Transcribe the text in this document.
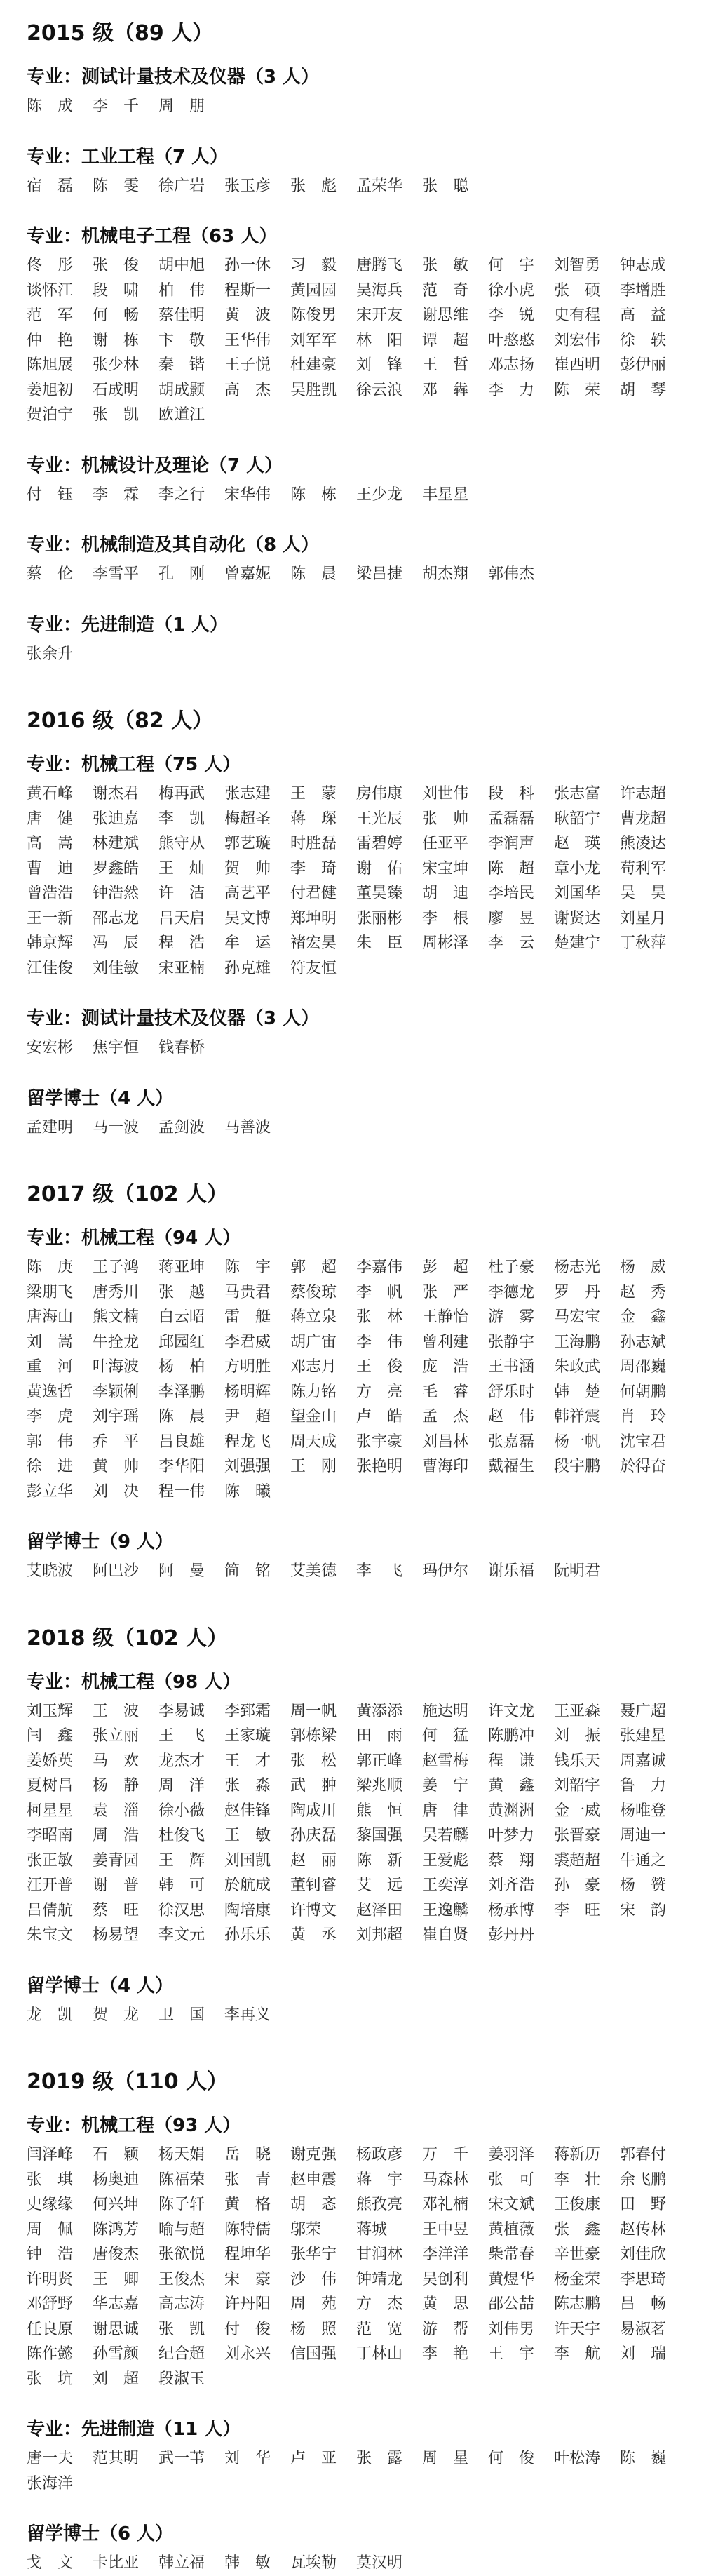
2015 级（89 人）
专业：测试计量技术及仪器（3 人）
陈　成	李　千	周　朋
专业：工业工程（7 人）
宿　磊	陈　雯	徐广岩	张玉彦	张　彪	孟荣华	张　聪
专业：机械电子工程（63 人）
佟　彤	张　俊	胡中旭	孙一休	习　毅	唐腾飞	张　敏	何　宇	刘智勇	钟志成
谈怀江	段　啸	柏　伟	程斯一	黄园园	吴海兵	范　奇	徐小虎	张　硕	李增胜
范　军	何　畅	蔡佳明	黄　波	陈俊男	宋开友	谢思维	李　锐	史有程	高　益
仲　艳	谢　栋	卞　敬	王华伟	刘军军	林　阳	谭　超	叶憨憨	刘宏伟	徐　轶
陈旭展	张少林	秦　锴	王子悦	杜建豪	刘　锋	王　哲	邓志扬	崔西明	彭伊丽
姜旭初	石成明	胡成颢	高　杰	吴胜凯	徐云浪	邓　犇	李　力	陈　荣	胡　琴
贺泊宁	张　凯	欧道江
专业：机械设计及理论（7 人）
付　钰	李　霖	李之行	宋华伟	陈　栋	王少龙	丰星星
专业：机械制造及其自动化（8 人）
蔡　伦	李雪平	孔　刚	曾嘉妮	陈　晨	梁吕捷	胡杰翔	郭伟杰
专业：先进制造（1 人）
张余升
2016 级（82 人）
专业：机械工程（75 人）
黄石峰	谢杰君	梅再武	张志建	王　蒙	房伟康	刘世伟	段　科	张志富	许志超
唐　健	张迪嘉	李　凯	梅超圣	蒋　琛	王光辰	张　帅	孟磊磊	耿韶宁	曹龙超
高　嵩	林建斌	熊守从	郭艺璇	时胜磊	雷碧婷	任亚平	李润声	赵　瑛	熊凌达
曹　迪	罗鑫皓	王　灿	贺　帅	李　琦	谢　佑	宋宝坤	陈　超	章小龙	苟利军
曾浩浩	钟浩然	许　洁	高艺平	付君健	董昊臻	胡　迪	李培民	刘国华	吴　昊
王一新	邵志龙	吕天启	吴文博	郑坤明	张丽彬	李　根	廖　昱	谢贤达	刘星月
韩京辉	冯　辰	程　浩	牟　运	褚宏昊	朱　臣	周彬泽	李　云	楚建宁	丁秋萍
江佳俊	刘佳敏	宋亚楠	孙克雄	符友恒
专业：测试计量技术及仪器（3 人）
安宏彬	焦宇恒	钱春桥
留学博士（4 人）
孟建明	马一波	孟剑波	马善波
2017 级（102 人）
专业：机械工程（94 人）
陈　庚	王子鸿	蒋亚坤	陈　宇	郭　超	李嘉伟	彭　超	杜子豪	杨志光	杨　威
梁朋飞	唐秀川	张　越	马贵君	蔡俊琼	李　帆	张　严	李德龙	罗　丹	赵　秀
唐海山	熊文楠	白云昭	雷　艇	蒋立泉	张　林	王静怡	游　雾	马宏宝	金　鑫
刘　嵩	牛拴龙	邱园红	李君威	胡广宙	李　伟	曾利建	张静宇	王海鹏	孙志斌
重　河	叶海波	杨　柏	方明胜	邓志月	王　俊	庞　浩	王书涵	朱政武	周邵巍
黄逸哲	李颖俐	李泽鹏	杨明辉	陈力铭	方　亮	毛　睿	舒乐时	韩　楚	何朝鹏
李　虎	刘宇瑶	陈　晨	尹　超	望金山	卢　皓	孟　杰	赵　伟	韩祥震	肖　玲
郭　伟	乔　平	吕良雄	程龙飞	周天成	张宇豪	刘昌林	张嘉磊	杨一帆	沈宝君
徐　进	黄　帅	李华阳	刘强强	王　刚	张艳明	曹海印	戴福生	段宇鹏	於得奋
彭立华	刘　决	程一伟	陈　曦
留学博士（9 人）
艾晓波	阿巴沙	阿　曼	简　铭	艾美德	李　飞	玛伊尔	谢乐福	阮明君
2018 级（102 人）
专业：机械工程（98 人）
刘玉辉	王　波	李易诚	李郅霜	周一帆	黄添添	施达明	许文龙	王亚森	聂广超
闫　鑫	张立丽	王　飞	王家璇	郭栋梁	田　雨	何　猛	陈鹏冲	刘　振	张建星
姜娇英	马　欢	龙杰才	王　才	张　松	郭正峰	赵雪梅	程　谦	钱乐天	周嘉诚
夏树昌	杨　静	周　洋	张　淼	武　翀	梁兆顺	姜　宁	黄　鑫	刘韶宇	鲁　力
柯星星	袁　淄	徐小薇	赵佳锋	陶成川	熊　恒	唐　律	黄渊洲	金一威	杨唯登
李昭南	周　浩	杜俊飞	王　敏	孙庆磊	黎国强	吴若麟	叶梦力	张晋豪	周迪一
张正敏	姜青园	王　辉	刘国凯	赵　丽	陈　新	王爱彪	蔡　翔	裘超超	牛通之
汪开普	谢　普	韩　可	於航成	董钊睿	艾　远	王奕淳	刘齐浩	孙　豪	杨　赞
吕倩航	蔡　旺	徐汉思	陶培康	许博文	赵泽田	王逸麟	杨承博	李　旺	宋　韵
朱宝文	杨易望	李文元	孙乐乐	黄　丞	刘邦超	崔自贤	彭丹丹
留学博士（4 人）
龙　凯	贺　龙	卫　国	李再义
2019 级（110 人）
专业：机械工程（93 人）
闫泽峰	石　颖	杨天娟	岳　晓	谢克强	杨政彦	万　千	姜羽泽	蒋新历	郭春付
张　琪	杨奥迪	陈福荣	张　青	赵申震	蒋　宇	马森林	张　可	李　壮	余飞鹏
史缘缘	何兴坤	陈子轩	黄　格	胡　忞	熊孜亮	邓礼楠	宋文斌	王俊康	田　野
周　佩	陈鸿芳	喻与超	陈特儒	邬荣	蒋城	王中昱	黄植薇	张　鑫	赵传林
钟　浩	唐俊杰	张欲悦	程坤华	张华宁	甘润林	李洋洋	柴常春	辛世豪	刘佳欣
许明贤	王　卿	王俊杰	宋　豪	沙　伟	钟靖龙	吴创利	黄煜华	杨金荣	李思琦
邓舒野	华志嘉	高志涛	许丹阳	周　苑	方　杰	黄　思	邵公喆	陈志鹏	吕　畅
任良原	谢思诚	张　凯	付　俊	杨　照	范　宽	游　帮	刘伟男	许天宇	易淑茗
陈作懿	孙雪颜	纪合超	刘永兴	信国强	丁林山	李　艳	王　宇	李　航	刘　瑞
张　坑	刘　超	段淑玉
专业：先进制造（11 人）
唐一夫	范其明	武一苇	刘　华	卢　亚	张　露	周　星	何　俊	叶松涛	陈　巍
张海洋
留学博士（6 人）
戈　文	卡比亚	韩立福	韩　敏	瓦埃勒	莫汉明
